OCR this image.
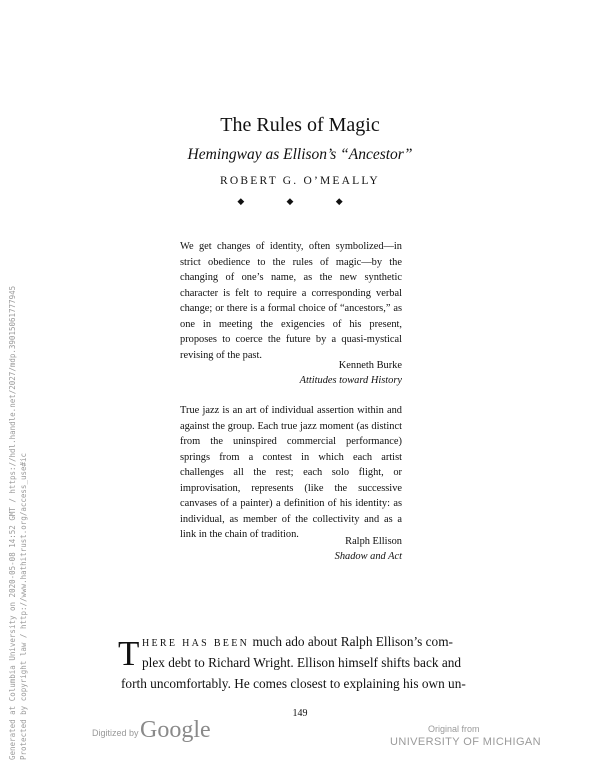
The Rules of Magic
Hemingway as Ellison’s “Ancestor”
ROBERT G. O’MEALLY
◆ ◆ ◆

We get changes of identity, often symbolized—in strict obedience to the rules of magic—by the changing of one’s name, as the new synthetic character is felt to require a corresponding verbal change; or there is a formal choice of “ancestors,” as one in meeting the exigencies of his present, proposes to coerce the future by a quasi-mystical revising of the past.

Kenneth Burke
Attitudes toward History

True jazz is an art of individual assertion within and against the group. Each true jazz moment (as distinct from the uninspired commercial performance) springs from a contest in which each artist challenges all the rest; each solo flight, or improvisation, represents (like the successive canvases of a painter) a definition of his identity: as individual, as member of the collectivity and as a link in the chain of tradition.

Ralph Ellison
Shadow and Act
T HERE HAS BEEN much ado about Ralph Ellison’s com-
plex debt to Richard Wright. Ellison himself shifts back and
forth uncomfortably. He comes closest to explaining his own un-
149
Digitized by Google	Original from
UNIVERSITY OF MICHIGAN
Generated at Columbia University on 2020-05-08 14:52 GMT / https://hdl.handle.net/2027/mdp.39015061777945 Protected by copyright law / http://www.hathitrust.org/access_use#ic
